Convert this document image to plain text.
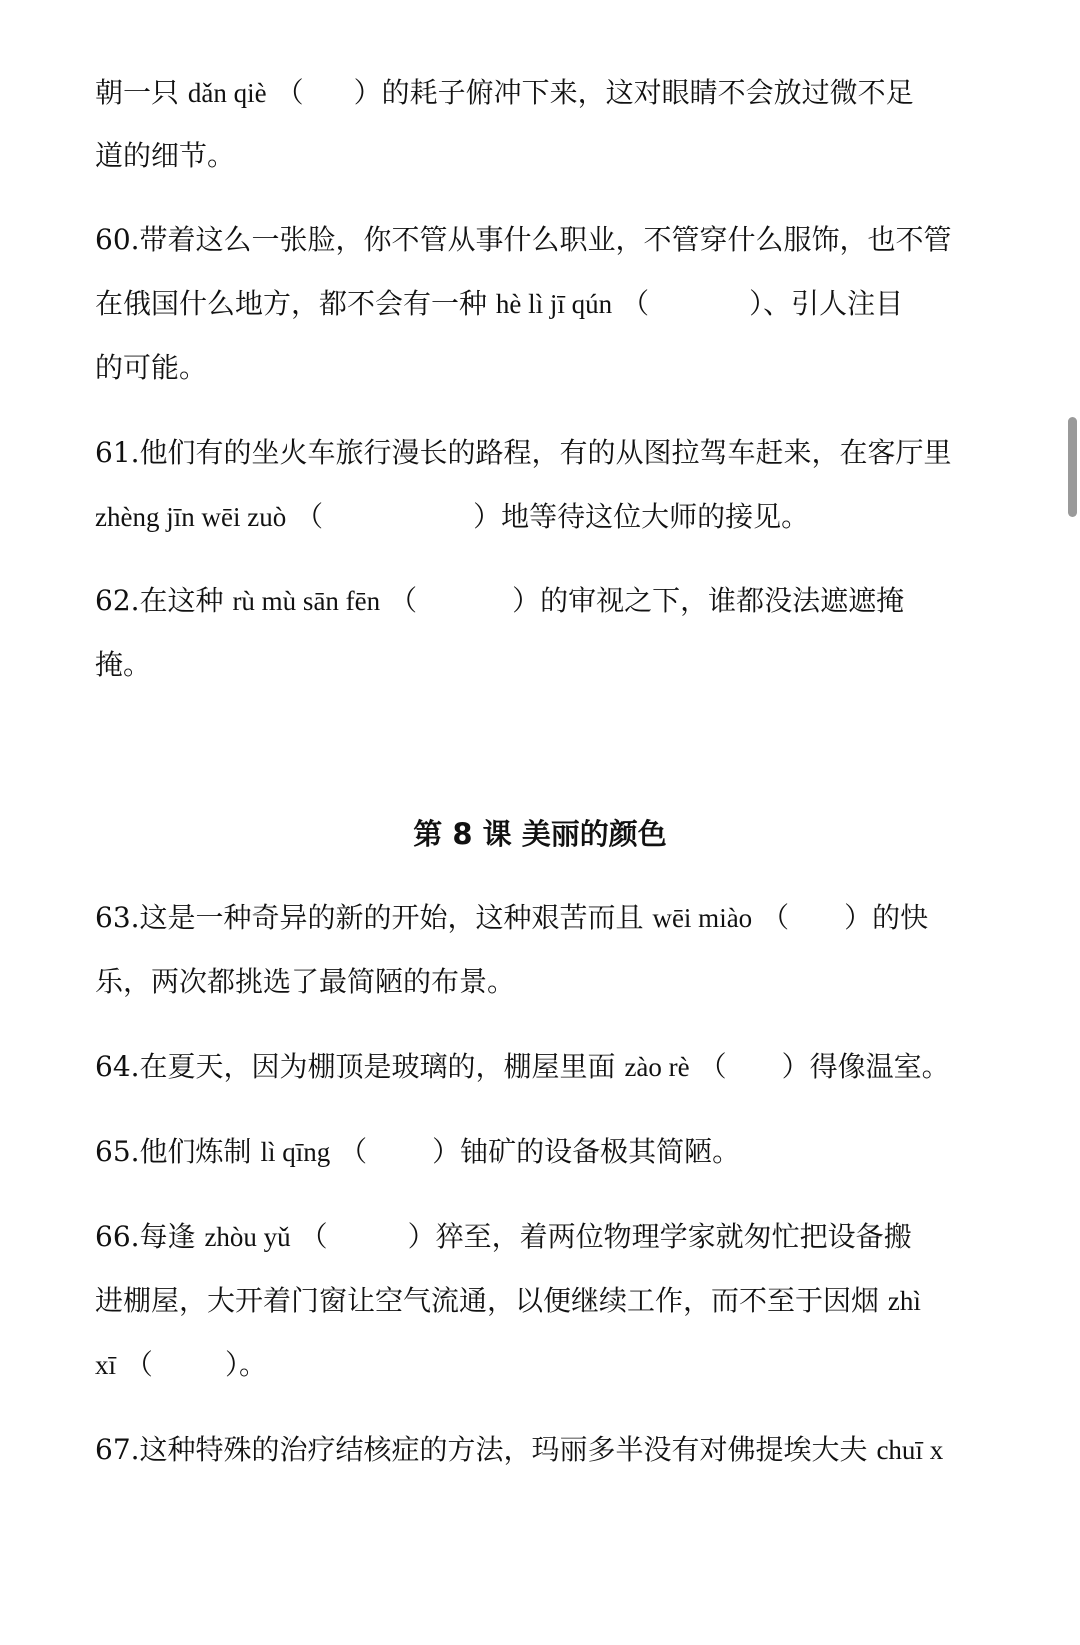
朝一只 dǎn qiè （ ）的耗子俯冲下来，这对眼睛不会放过微不足
道的细节。
60.带着这么一张脸，你不管从事什么职业，不管穿什么服饰，也不管
在俄国什么地方，都不会有一种 hè lì jī qún （	）、引人注目
的可能。
61.他们有的坐火车旅行漫长的路程，有的从图拉驾车赶来，在客厅里
zhèng jīn wēi zuò （	）地等待这位大师的接见。
62.在这种 rù mù sān fēn （	）的审视之下，谁都没法遮遮掩
掩。
第 8 课 美丽的颜色
63.这是一种奇异的新的开始，这种艰苦而且 wēi miào （ ）的快
乐，两次都挑选了最简陋的布景。
64.在夏天，因为棚顶是玻璃的，棚屋里面 zào rè （ ）得像温室。
65.他们炼制 lì qīng （ ）铀矿的设备极其简陋。
66.每逢 zhòu yǔ （	）猝至，着两位物理学家就匆忙把设备搬
进棚屋，大开着门窗让空气流通，以便继续工作，而不至于因烟 zhì
xī （	）。
67.这种特殊的治疗结核症的方法，玛丽多半没有对佛提埃大夫 chuī x
